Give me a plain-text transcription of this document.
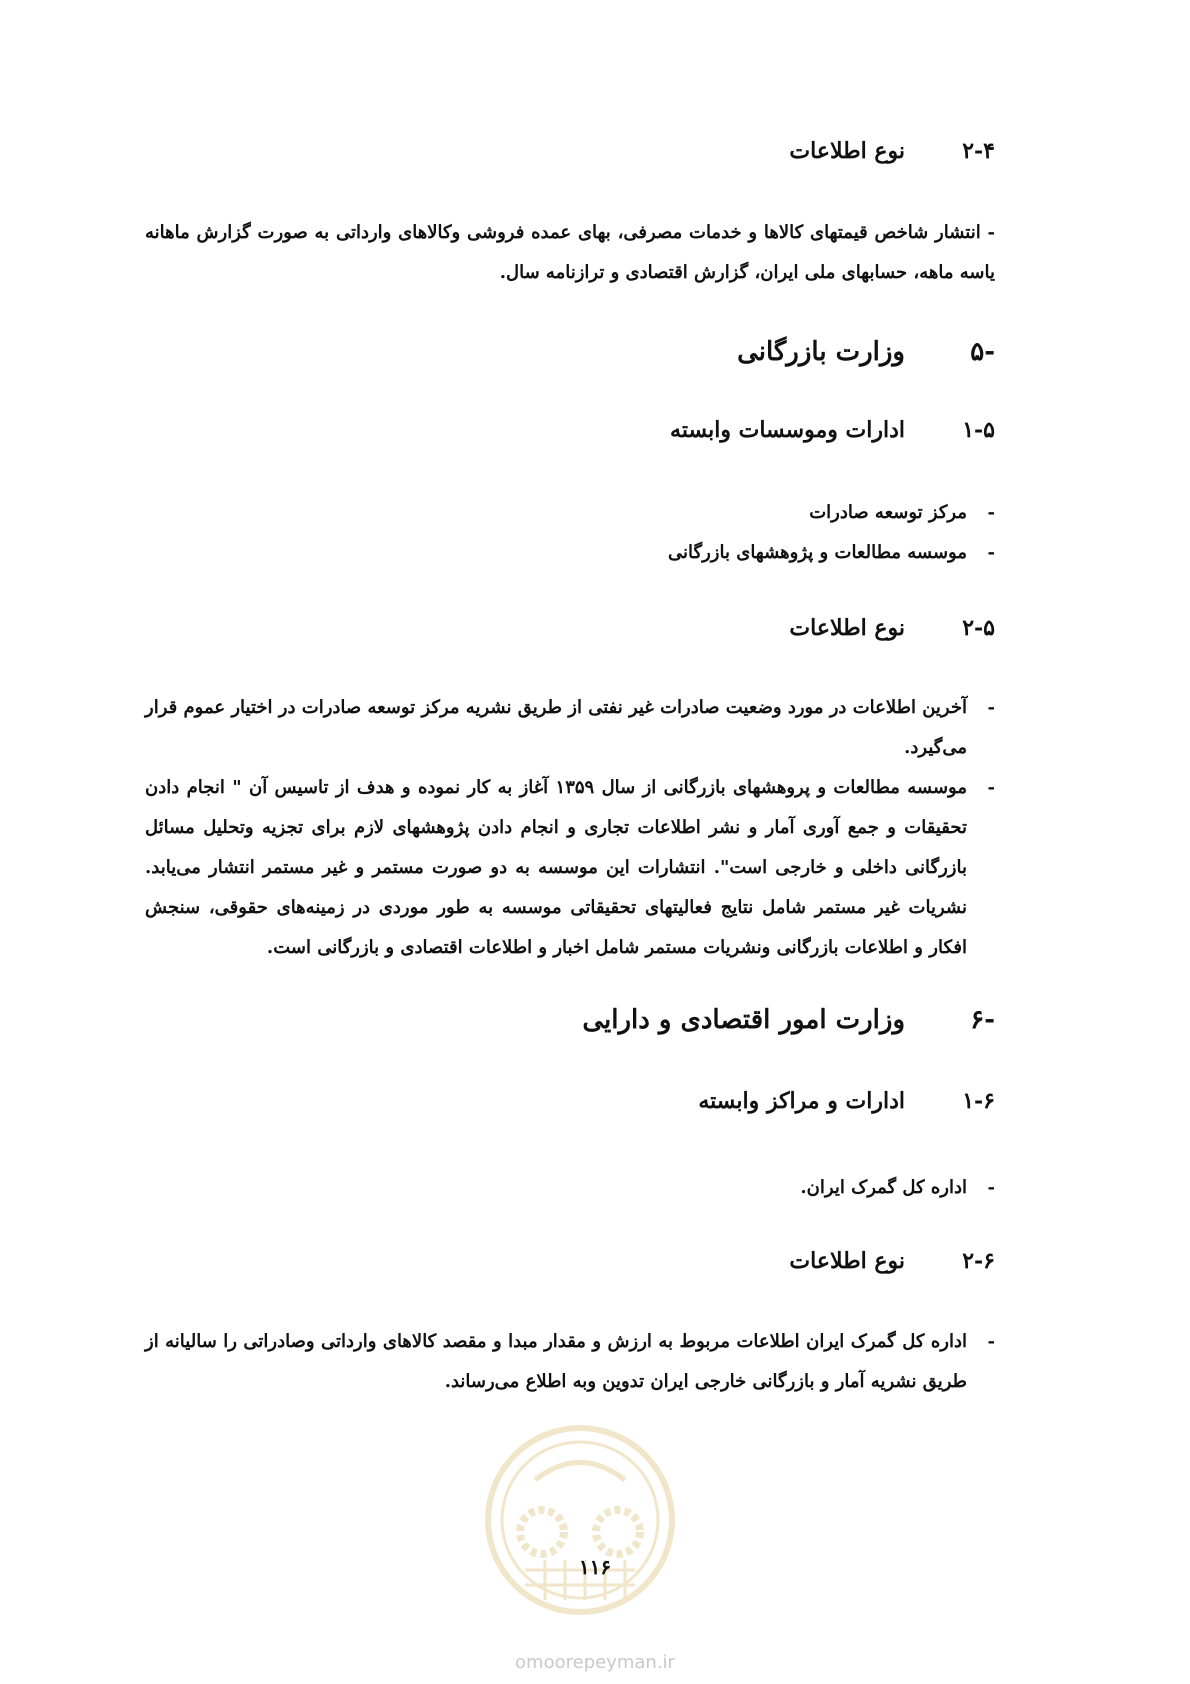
۲-۴نوع اطلاعات
- انتشار شاخص قیمتهای کالاها و خدمات مصرفی، بهای عمده فروشی وکالاهای وارداتی به صورت گزارش ماهانه یاسه ماهه، حسابهای ملی ایران، گزارش اقتصادی و ترازنامه سال.
-۵وزارت بازرگانی
۱-۵ادارات وموسسات وابسته
-
مرکز توسعه صادرات
-
موسسه مطالعات و پژوهشهای بازرگانی
۲-۵نوع اطلاعات
-
آخرین اطلاعات در مورد وضعیت صادرات غیر نفتی از طریق نشریه مرکز توسعه صادرات در اختیار عموم قرار می‌گیرد.
-
موسسه مطالعات و پروهشهای بازرگانی از سال ۱۳۵۹ آغاز به کار نموده و هدف از تاسیس آن " انجام دادن تحقیقات و جمع آوری آمار و نشر اطلاعات تجاری و انجام دادن پژوهشهای لازم برای تجزیه وتحلیل مسائل بازرگانی داخلی و خارجی است". انتشارات این موسسه به دو صورت مستمر و غیر مستمر انتشار می‌یابد. نشریات غیر مستمر شامل نتایج فعالیتهای تحقیقاتی موسسه به طور موردی در زمینه‌های حقوقی، سنجش افکار و اطلاعات بازرگانی ونشریات مستمر شامل اخبار و اطلاعات اقتصادی و بازرگانی است.
-۶وزارت امور اقتصادی و دارایی
۱-۶ادارات و مراکز وابسته
-
اداره کل گمرک ایران.
۲-۶نوع اطلاعات
-
اداره کل گمرک ایران اطلاعات مربوط به ارزش و مقدار مبدا و مقصد کالاهای وارداتی وصادراتی را سالیانه از طریق نشریه آمار و بازرگانی خارجی ایران تدوین وبه اطلاع می‌رساند.
۱۱۶
omoorepeyman.ir
